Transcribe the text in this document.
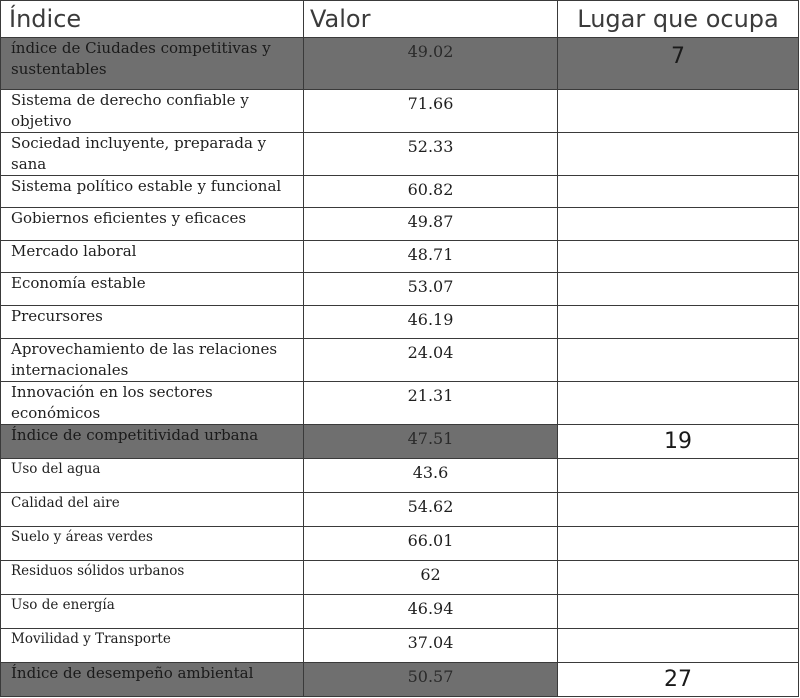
Índice	Valor	Lugar que ocupa
índice de Ciudades competitivas y sustentables	49.02	7
Sistema de derecho confiable y objetivo	71.66	
Sociedad incluyente, preparada y sana	52.33	
Sistema político estable y funcional	60.82	
Gobiernos eficientes y eficaces	49.87	
Mercado laboral	48.71	
Economía estable	53.07	
Precursores	46.19	
Aprovechamiento de las relaciones internacionales	24.04	
Innovación en los sectores económicos	21.31	
Índice de competitividad urbana	47.51	19
Uso del agua	43.6	
Calidad del aire	54.62	
Suelo y áreas verdes	66.01	
Residuos sólidos urbanos	62	
Uso de energía	46.94	
Movilidad y Transporte	37.04	
Índice de desempeño ambiental	50.57	27
